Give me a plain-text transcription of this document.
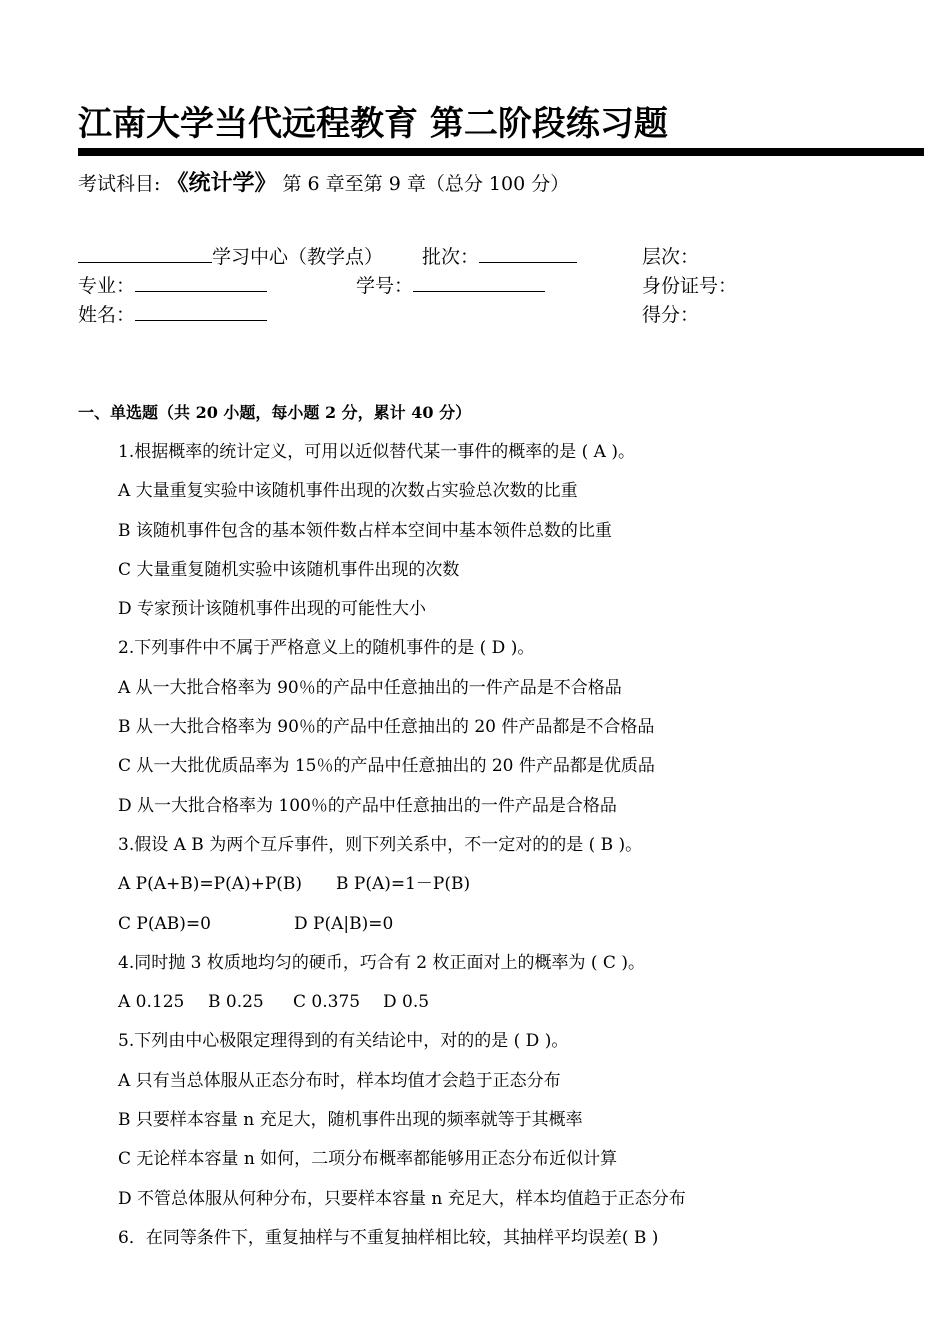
江南大学当代远程教育 第二阶段练习题
考试科目: 《统计学》 第 6 章至第 9 章（总分 100 分）
学习中心（教学点） 批次：	层次：
专业：	学号：	身份证号：
姓名：	得分：
一、单选题（共 20 小题，每小题 2 分，累计 40 分）
1.根据概率的统计定义，可用以近似替代某一事件的概率的是 ( A )。
A 大量重复实验中该随机事件出现的次数占实验总次数的比重
B 该随机事件包含的基本领件数占样本空间中基本领件总数的比重
C 大量重复随机实验中该随机事件出现的次数
D 专家预计该随机事件出现的可能性大小
2.下列事件中不属于严格意义上的随机事件的是 ( D )。
A 从一大批合格率为 90％的产品中任意抽出的一件产品是不合格品
B 从一大批合格率为 90％的产品中任意抽出的 20 件产品都是不合格品
C 从一大批优质品率为 15％的产品中任意抽出的 20 件产品都是优质品
D 从一大批合格率为 100％的产品中任意抽出的一件产品是合格品
3.假设 A B 为两个互斥事件，则下列关系中，不一定对的的是 ( B )。
A P(A+B)=P(A)+P(B) B P(A)=1－P(B)
C P(AB)=0	D P(A|B)=0
4.同时抛 3 枚质地均匀的硬币，巧合有 2 枚正面对上的概率为 ( C )。
A 0.125 B 0.25 C 0.375 D 0.5
5.下列由中心极限定理得到的有关结论中，对的的是 ( D )。
A 只有当总体服从正态分布时，样本均值才会趋于正态分布
B 只要样本容量 n 充足大，随机事件出现的频率就等于其概率
C 无论样本容量 n 如何，二项分布概率都能够用正态分布近似计算
D 不管总体服从何种分布，只要样本容量 n 充足大，样本均值趋于正态分布
6．在同等条件下，重复抽样与不重复抽样相比较，其抽样平均误差( B )
